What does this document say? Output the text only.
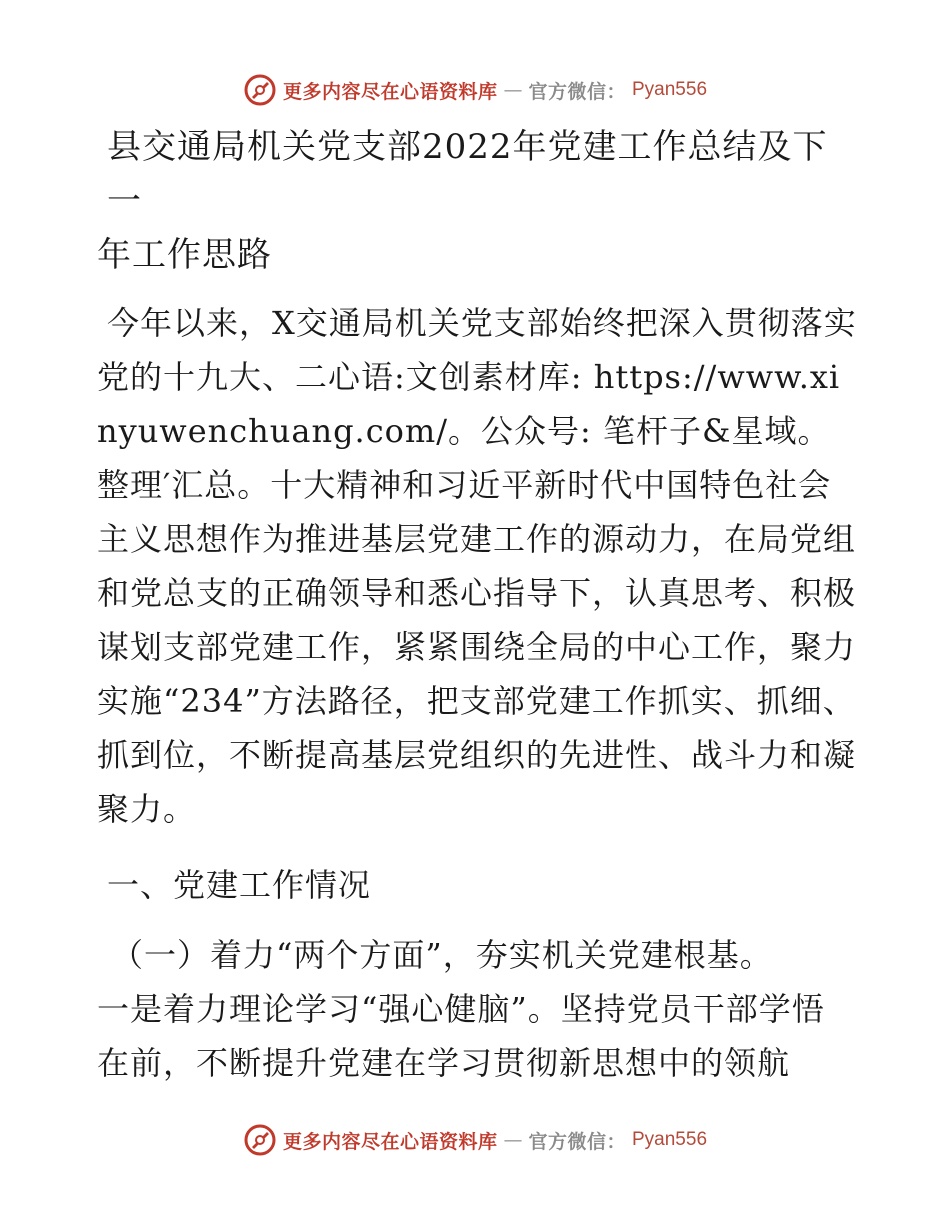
更多内容尽在心语资料库 — 官方微信： Pyan556
县交通局机关党支部2022年党建工作总结及下一
年工作思路

今年以来，X交通局机关党支部始终把深入贯彻落实党的十九大、二心语:文创素材库: https://www.xinyuwenchuang.com/。公众号: 笔杆子&星域。整理′汇总。十大精神和习近平新时代中国特色社会主义思想作为推进基层党建工作的源动力，在局党组和党总支的正确领导和悉心指导下，认真思考、积极谋划支部党建工作，紧紧围绕全局的中心工作，聚力实施“234”方法路径，把支部党建工作抓实、抓细、抓到位，不断提高基层党组织的先进性、战斗力和凝聚力。

一、党建工作情况

（一）着力“两个方面”，夯实机关党建根基。

一是着力理论学习“强心健脑”。坚持党员干部学悟在前，不断提升党建在学习贯彻新思想中的领航

更多内容尽在心语资料库 — 官方微信： Pyan556
